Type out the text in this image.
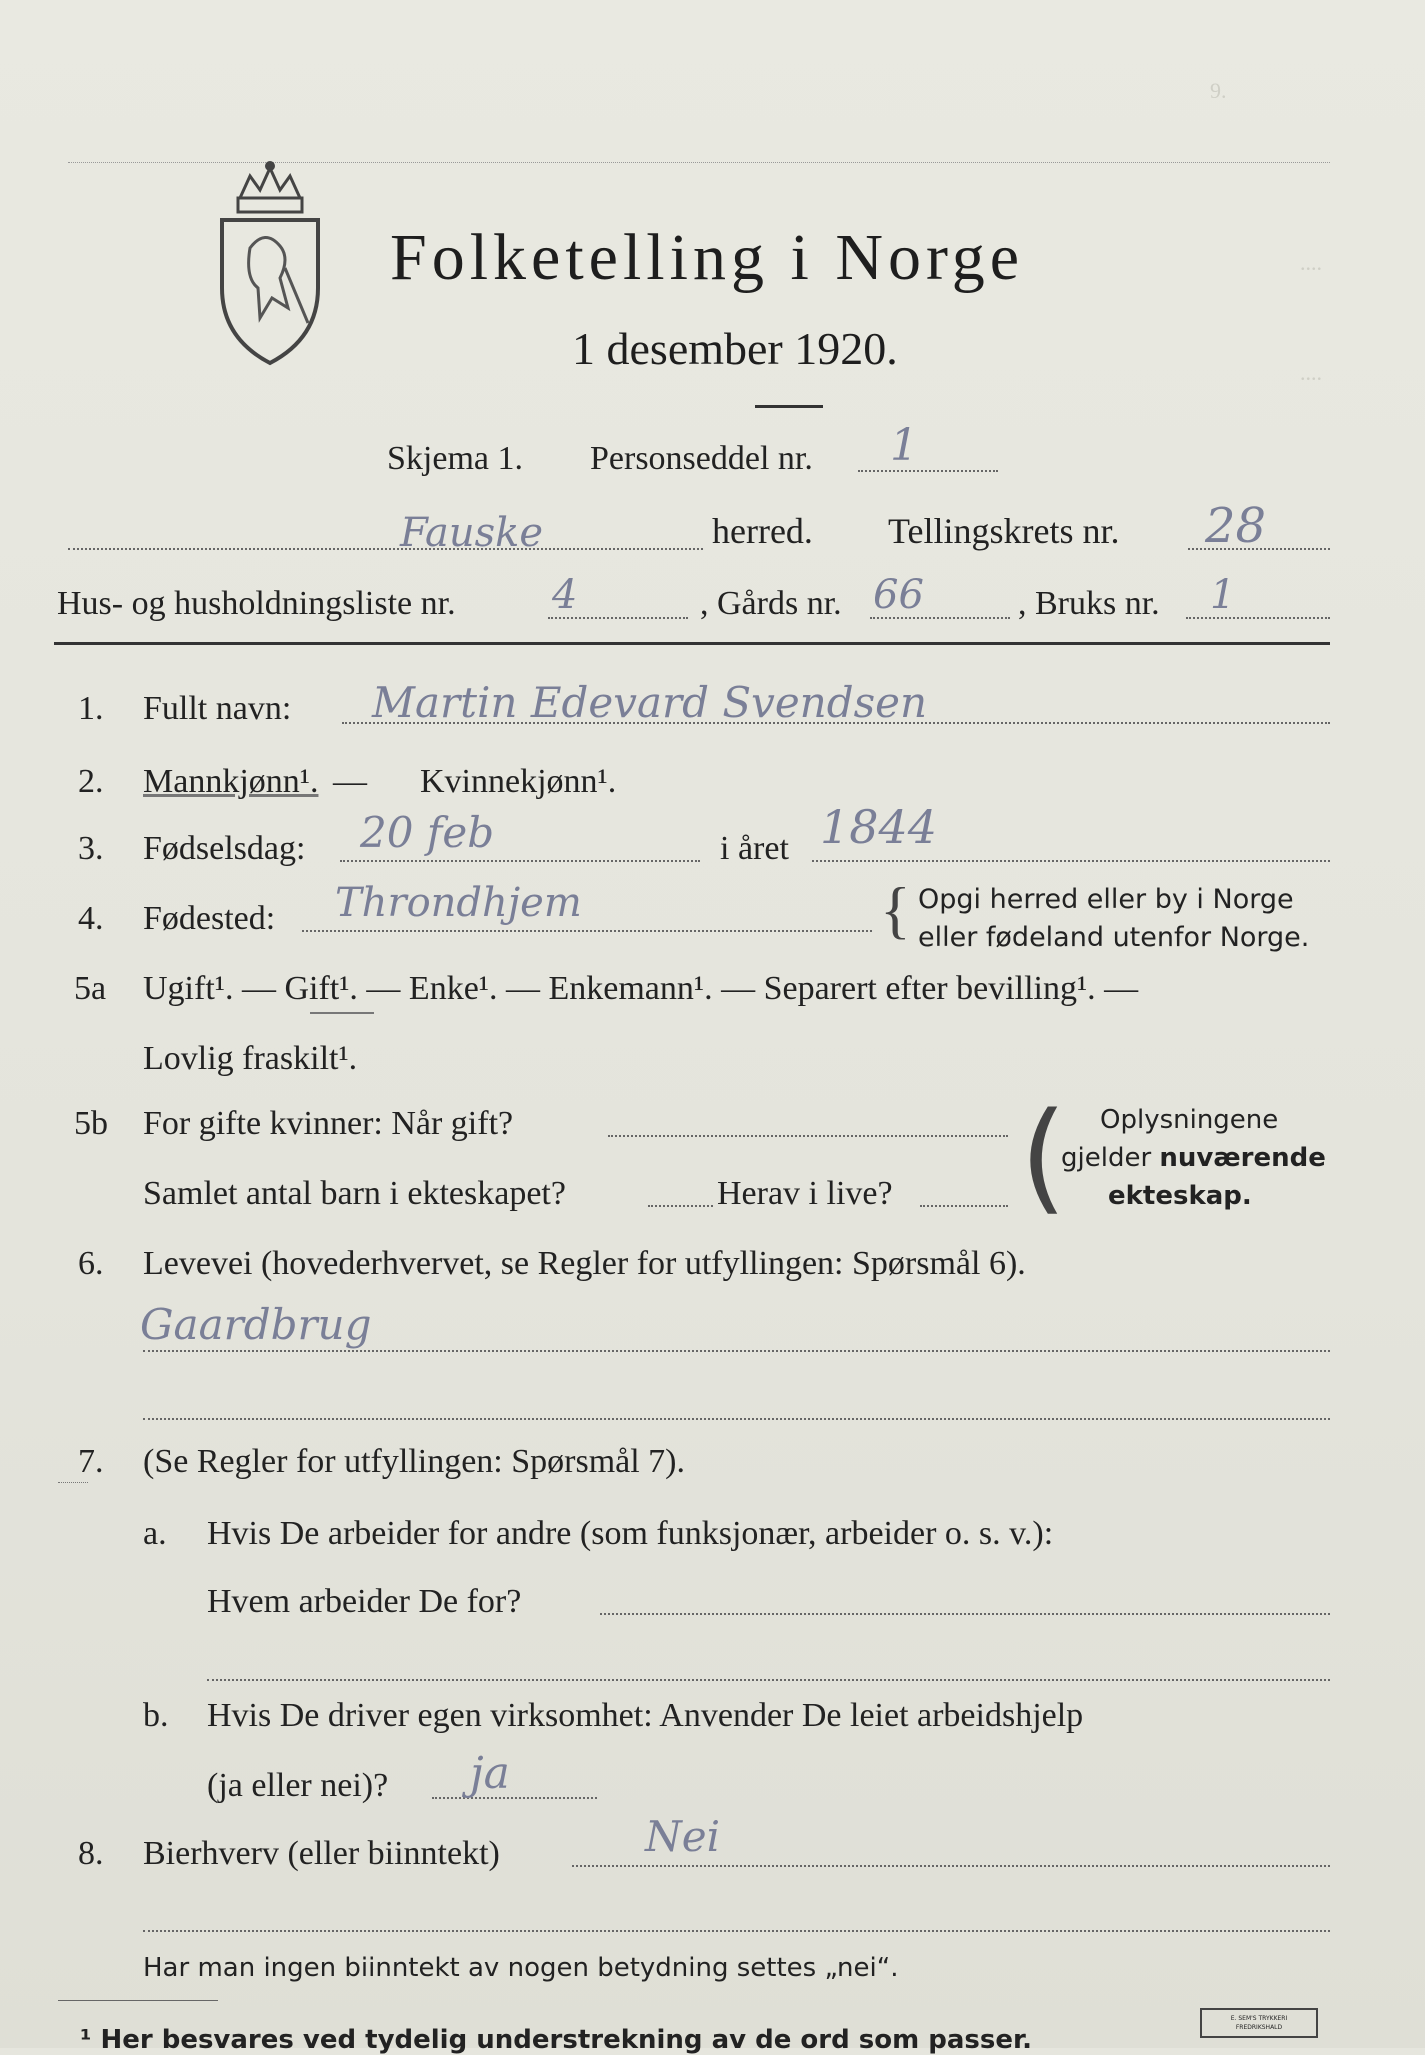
9.
....
....
Folketelling i Norge
1 desember 1920.
Skjema 1. Personseddel nr. 1
Fauske	herred. Tellingskrets nr. 28
Hus- og husholdningsliste nr. 4	, Gårds nr. 66	, Bruks nr. 1
1. Fullt navn: Martin Edevard Svendsen
2. Mannkjønn¹. — Kvinnekjønn¹.
3. Fødselsdag: 20 feb	i året 1844
4. Fødested: Throndhjem	{ Opgi herred eller by i Norge
eller fødeland utenfor Norge.
5a Ugift¹. — Gift¹. — Enke¹. — Enkemann¹. — Separert efter bevilling¹. —
Lovlig fraskilt¹.
5b For gifte kvinner: Når gift?
Samlet antal barn i ekteskapet?	Herav i live? ( Oplysningene
gjelder nuværende
ekteskap.
6. Levevei (hovederhvervet, se Regler for utfyllingen: Spørsmål 6).
Gaardbrug
7. (Se Regler for utfyllingen: Spørsmål 7).
a. Hvis De arbeider for andre (som funksjonær, arbeider o. s. v.):
Hvem arbeider De for?
b. Hvis De driver egen virksomhet: Anvender De leiet arbeidshjelp
(ja eller nei)? ja
8. Bierhverv (eller biinntekt)	Nei
Har man ingen biinntekt av nogen betydning settes „nei“.
¹ Her besvares ved tydelig understrekning av de ord som passer.
E. SEM'S TRYKKERI
FREDRIKSHALD
